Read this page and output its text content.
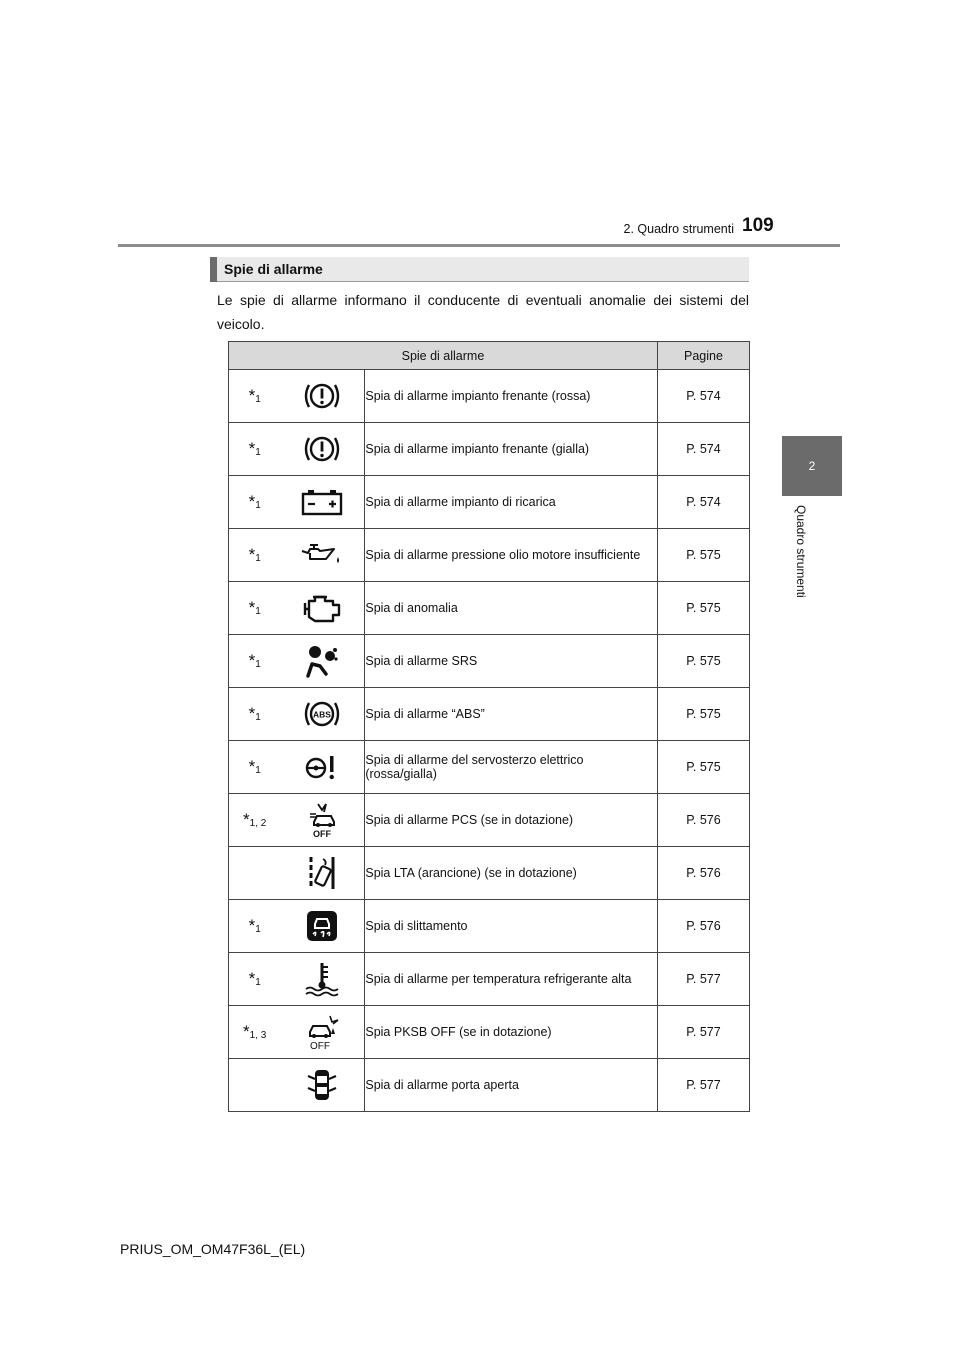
109
2. Quadro strumenti
2
Quadro strumenti
Spie di allarme
Le spie di allarme informano il conducente di eventuali anomalie dei sistemi del veicolo.
Spie di allarme			Pagine
$*_1$		Spia di allarme impianto frenante (rossa)	P. 574
$*_1$		Spia di allarme impianto frenante (gialla)	P. 574
$*_1$		Spia di allarme impianto di ricarica	P. 574
$*_1$		Spia di allarme pressione olio motore insufficiente	P. 575
$*_1$		Spia di anomalia	P. 575
$*_1$		Spia di allarme SRS	P. 575
$*_1$	ABS	Spia di allarme “ABS”	P. 575
$*_1$		Spia di allarme del servosterzo elettrico (rossa/gialla)	P. 575
$*_{1, 2}$	OFF	Spia di allarme PCS (se in dotazione)	P. 576

	Spia LTA (arancione) (se in dotazione)	P. 576
$*_1$		Spia di slittamento	P. 576
$*_1$		Spia di allarme per temperatura refrigerante alta	P. 577
$*_{1, 3}$	OFF	Spia PKSB OFF (se in dotazione)	P. 577

	Spia di allarme porta aperta	P. 577
PRIUS_OM_OM47F36L_(EL)
